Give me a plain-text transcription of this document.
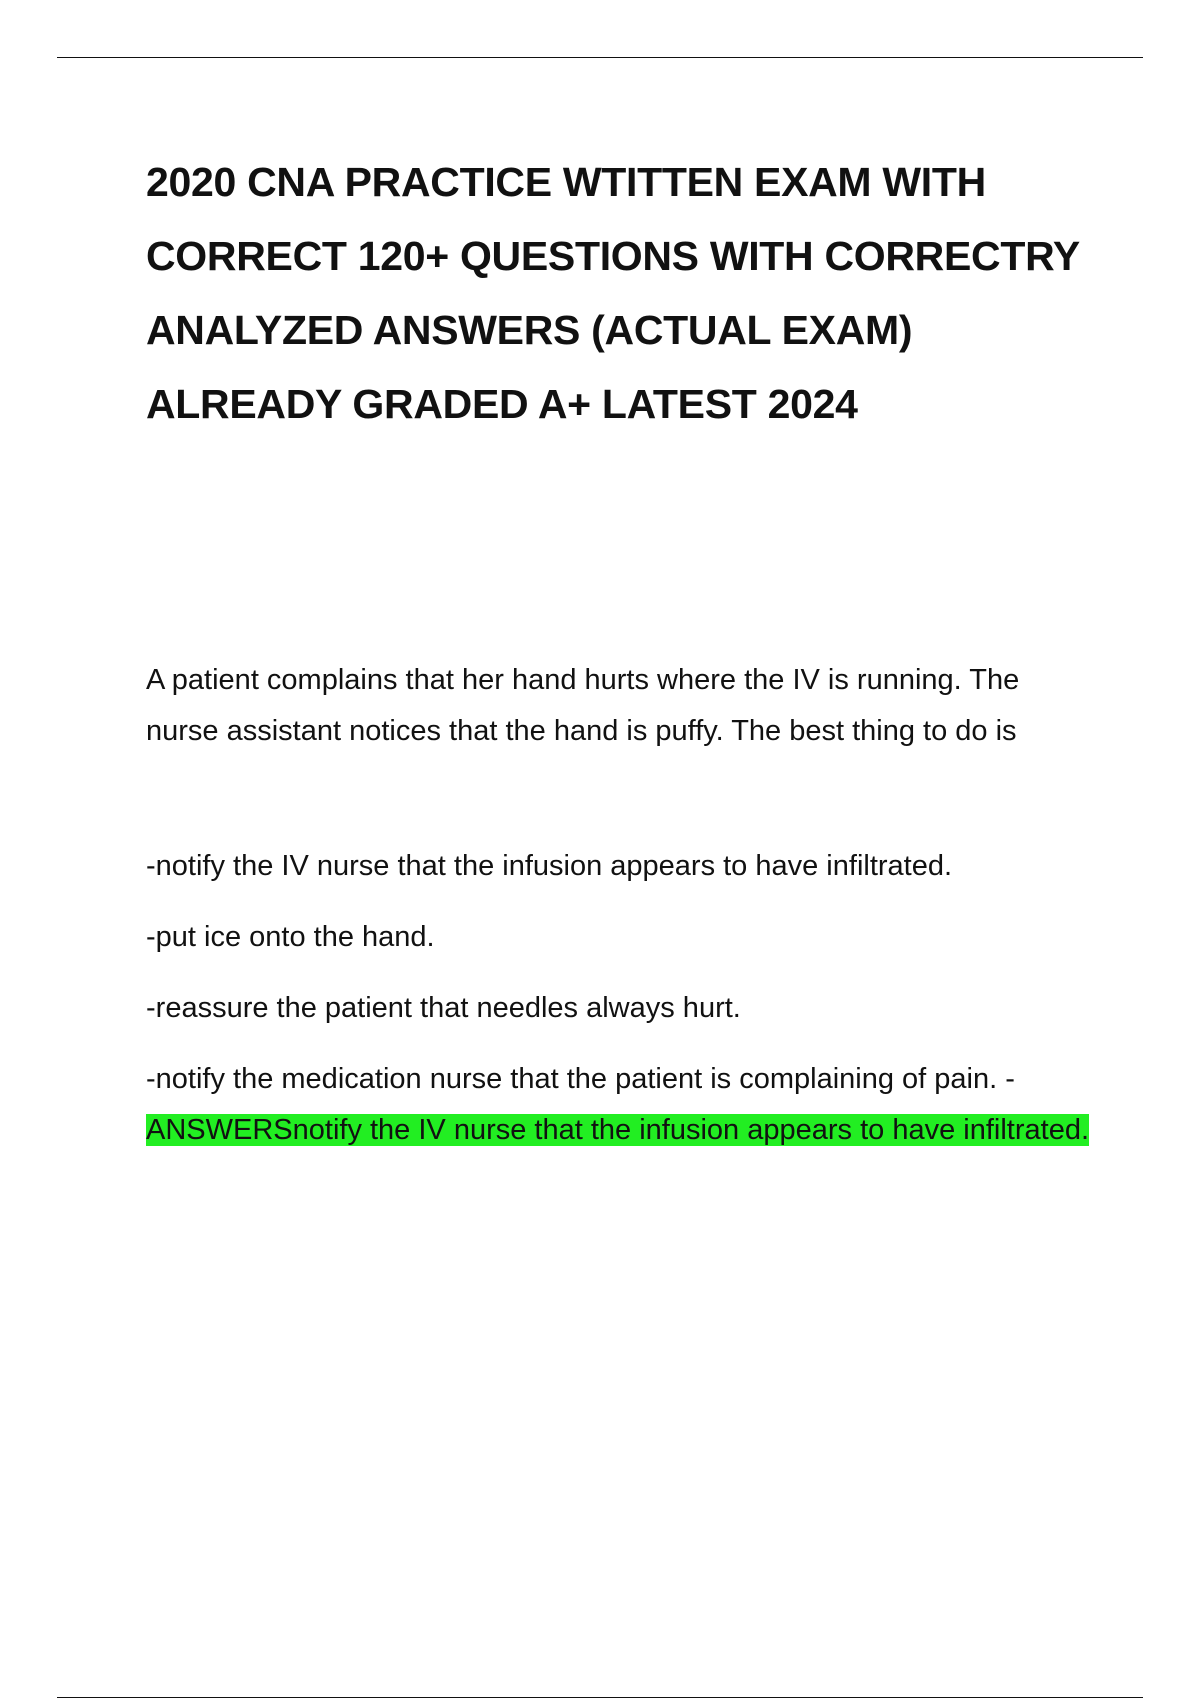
2020 CNA PRACTICE WTITTEN EXAM WITH CORRECT 120+ QUESTIONS WITH CORRECTRY ANALYZED ANSWERS (ACTUAL EXAM) ALREADY GRADED A+ LATEST 2024

A patient complains that her hand hurts where the IV is running. The nurse assistant notices that the hand is puffy. The best thing to do is

-notify the IV nurse that the infusion appears to have infiltrated.

-put ice onto the hand.

-reassure the patient that needles always hurt.

-notify the medication nurse that the patient is complaining of pain. - ANSWERSnotify the IV nurse that the infusion appears to have infiltrated.
